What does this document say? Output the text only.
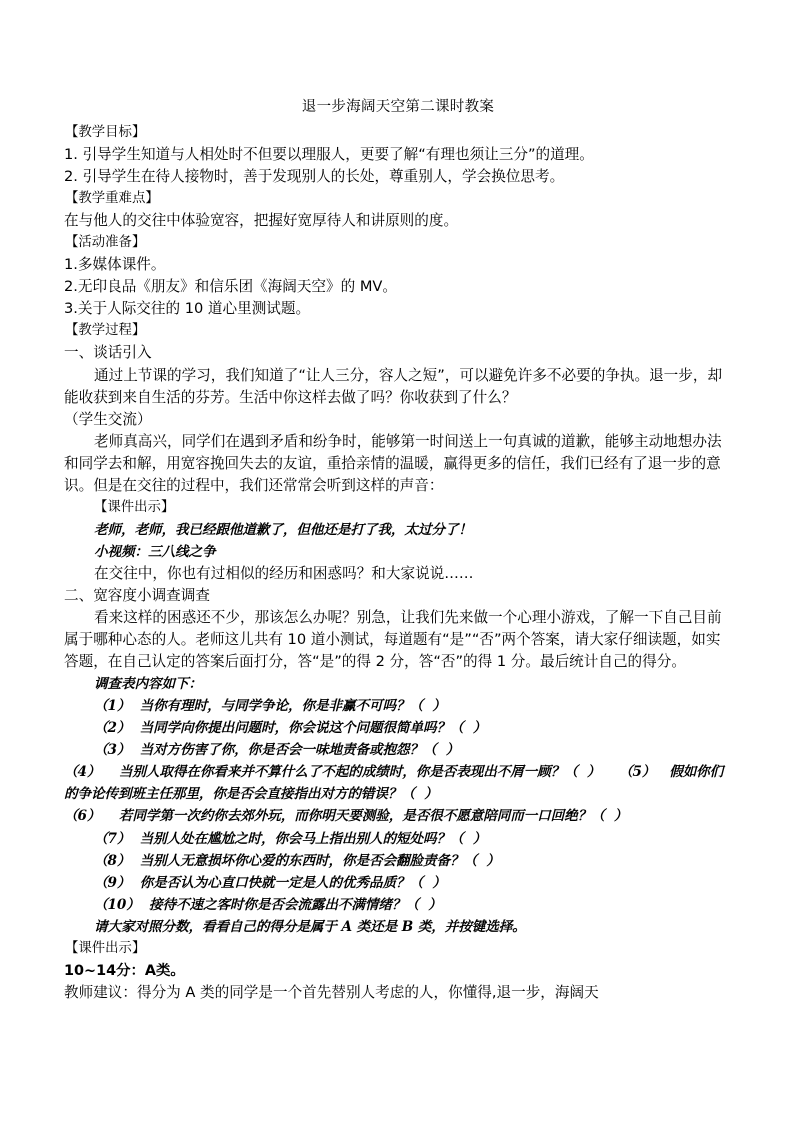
退一步海阔天空第二课时教案
【教学目标】
1. 引导学生知道与人相处时不但要以理服人，更要了解“有理也须让三分”的道理。
2. 引导学生在待人接物时，善于发现别人的长处，尊重别人，学会换位思考。
【教学重难点】
在与他人的交往中体验宽容，把握好宽厚待人和讲原则的度。
【活动准备】
1.多媒体课件。
2.无印良品《朋友》和信乐团《海阔天空》的 MV。
3.关于人际交往的 10 道心里测试题。
【教学过程】
一、谈话引入
通过上节课的学习，我们知道了“让人三分，容人之短”，可以避免许多不必要的争执。退一步，却能收获到来自生活的芬芳。生活中你这样去做了吗？你收获到了什么？
（学生交流）
老师真高兴，同学们在遇到矛盾和纷争时，能够第一时间送上一句真诚的道歉，能够主动地想办法和同学去和解，用宽容挽回失去的友谊，重拾亲情的温暖，赢得更多的信任，我们已经有了退一步的意识。但是在交往的过程中，我们还常常会听到这样的声音：
【课件出示】
老师，老师，我已经跟他道歉了，但他还是打了我，太过分了！
小视频：三八线之争
在交往中，你也有过相似的经历和困惑吗？和大家说说……
二、宽容度小调查调查
看来这样的困惑还不少，那该怎么办呢？别急，让我们先来做一个心理小游戏，了解一下自己目前属于哪种心态的人。老师这儿共有 10 道小测试，每道题有“是”“否”两个答案，请大家仔细读题，如实答题，在自己认定的答案后面打分，答“是”的得 2 分，答“否”的得 1 分。最后统计自己的得分。
调查表内容如下：
（1）  当你有理时，与同学争论，你是非赢不可吗？（  ）
（2）  当同学向你提出问题时，你会说这个问题很简单吗？（  ）
（3）  当对方伤害了你，你是否会一味地责备或抱怨？（  ）
（4）    当别人取得在你看来并不算什么了不起的成绩时，你是否表现出不屑一顾？（  ）    （5）   假如你们的争论传到班主任那里，你是否会直接指出对方的错误？（  ）
（6）    若同学第一次约你去郊外玩，而你明天要测验，是否很不愿意陪同而一口回绝？（  ）
（7）  当别人处在尴尬之时，你会马上指出别人的短处吗？（  ）
（8）  当别人无意损坏你心爱的东西时，你是否会翻脸责备？（  ）
（9）  你是否认为心直口快就一定是人的优秀品质？（  ）
（10）  接待不速之客时你是否会流露出不满情绪？（  ）
请大家对照分数，看看自己的得分是属于 A 类还是 B 类，并按键选择。
【课件出示】
10~14分：A类。
教师建议：得分为 A 类的同学是一个首先替别人考虑的人，你懂得,退一步，海阔天
